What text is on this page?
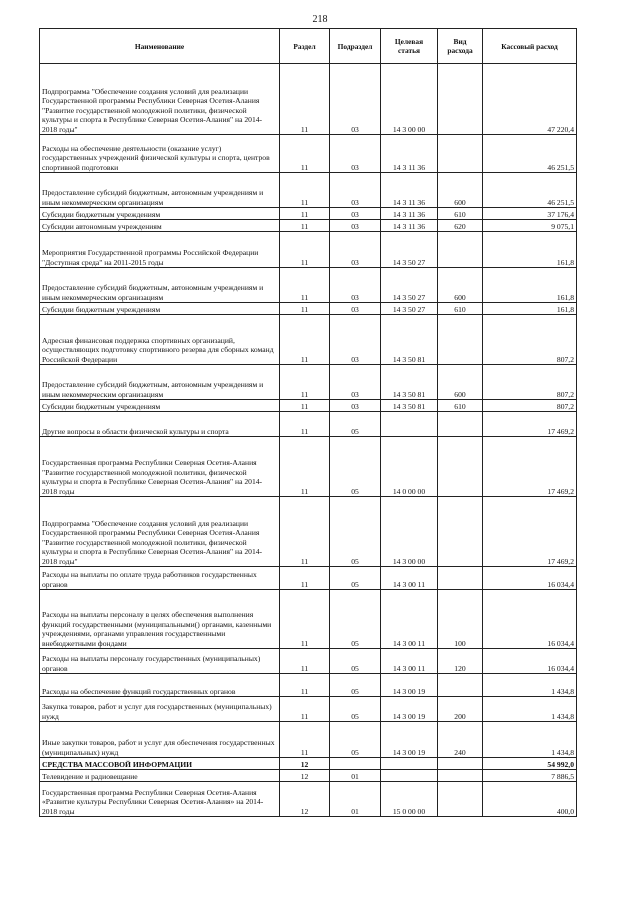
218
Наименование	Раздел	Подраздел	Целевая статья	Вид расхода	Кассовый расход
Подпрограмма "Обеспечение создания условий для реализации Государственной программы Республики Северная Осетия-Алания "Развитие государственной молодежной политики, физической культуры и спорта в Республике Северная Осетия-Алания" на 2014-2018 годы"	11	03	14 3 00 00		47 220,4
Расходы на обеспечение деятельности (оказание услуг) государственных учреждений физической культуры и спорта, центров спортивной подготовки	11	03	14 3 11 36		46 251,5
Предоставление субсидий бюджетным, автономным учреждениям и иным некоммерческим организациям	11	03	14 3 11 36	600	46 251,5
Субсидии бюджетным учреждениям	11	03	14 3 11 36	610	37 176,4
Субсидии автономным учреждениям	11	03	14 3 11 36	620	9 075,1
Мероприятия Государственной программы Российской Федерации "Доступная среда" на 2011-2015 годы	11	03	14 3 50 27		161,8
Предоставление субсидий бюджетным, автономным учреждениям и иным некоммерческим организациям	11	03	14 3 50 27	600	161,8
Субсидии бюджетным учреждениям	11	03	14 3 50 27	610	161,8
Адресная финансовая поддержка спортивных организаций, осуществляющих подготовку спортивного резерва для сборных команд Российской Федерации	11	03	14 3 50 81		807,2
Предоставление субсидий бюджетным, автономным учреждениям и иным некоммерческим организациям	11	03	14 3 50 81	600	807,2
Субсидии бюджетным учреждениям	11	03	14 3 50 81	610	807,2
Другие вопросы в области физической культуры и спорта	11	05			17 469,2
Государственная программа Республики Северная Осетия-Алания "Развитие государственной молодежной политики, физической культуры и спорта в Республике Северная Осетия-Алания" на 2014-2018 годы	11	05	14 0 00 00		17 469,2
Подпрограмма "Обеспечение создания условий для реализации Государственной программы Республики Северная Осетия-Алания "Развитие государственной молодежной политики, физической культуры и спорта в Республике Северная Осетия-Алания" на 2014-2018 годы"	11	05	14 3 00 00		17 469,2
Расходы на выплаты по оплате труда работников государственных органов	11	05	14 3 00 11		16 034,4
Расходы на выплаты персоналу в целях обеспечения выполнения функций государственными (муниципальными() органами, казенными учреждениями, органами управления государственными внебюджетными фондами	11	05	14 3 00 11	100	16 034,4
Расходы на выплаты персоналу государственных (муниципальных) органов	11	05	14 3 00 11	120	16 034,4
Расходы на обеспечение функций государственных органов	11	05	14 3 00 19		1 434,8
Закупка товаров, работ и услуг для государственных (муниципальных) нужд	11	05	14 3 00 19	200	1 434,8
Иные закупки товаров, работ и услуг для обеспечения государственных (муниципальных) нужд	11	05	14 3 00 19	240	1 434,8
СРЕДСТВА МАССОВОЙ ИНФОРМАЦИИ	12				54 992,0
Телевидение и радиовещание	12	01			7 886,5
Государственная программа Республики Северная Осетия-Алания «Развитие культуры Республики Северная Осетия-Алания» на 2014-2018 годы	12	01	15 0 00 00		400,0
